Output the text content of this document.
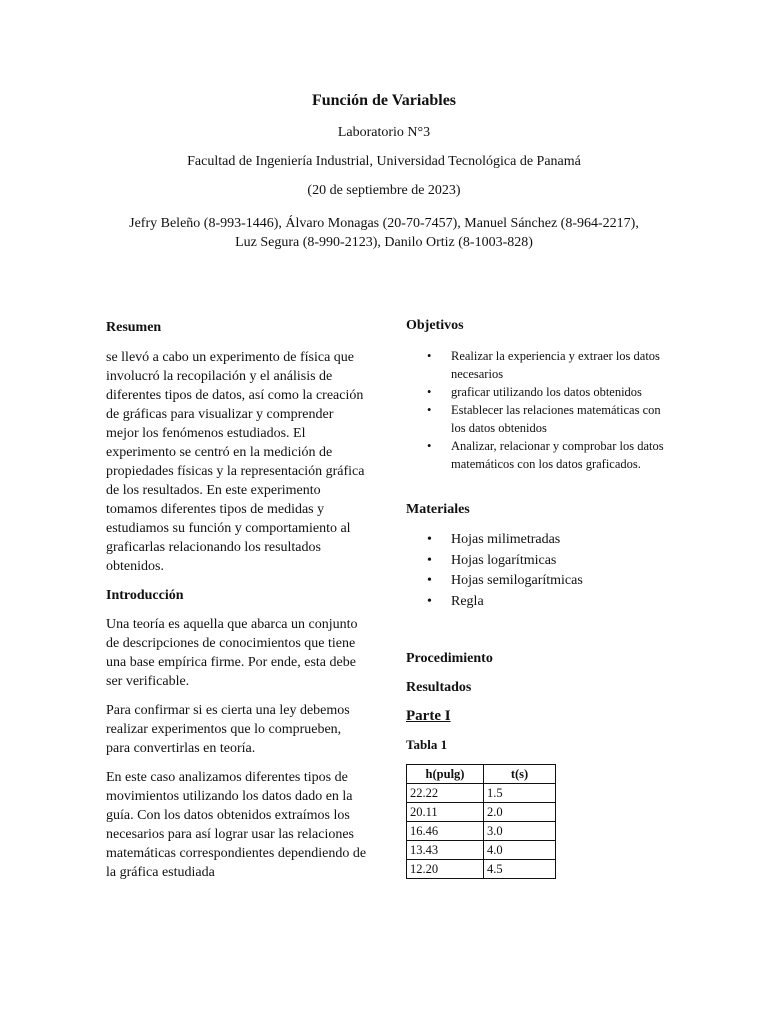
Función de Variables
Laboratorio N°3
Facultad de Ingeniería Industrial, Universidad Tecnológica de Panamá
(20 de septiembre de 2023)
Jefry Beleño (8-993-1446), Álvaro Monagas (20-70-7457), Manuel Sánchez (8-964-2217),
Luz Segura (8-990-2123), Danilo Ortiz (8-1003-828)
Resumen

se llevó a cabo un experimento de física que involucró la recopilación y el análisis de diferentes tipos de datos, así como la creación de gráficas para visualizar y comprender mejor los fenómenos estudiados. El experimento se centró en la medición de propiedades físicas y la representación gráfica de los resultados. En este experimento tomamos diferentes tipos de medidas y estudiamos su función y comportamiento al graficarlas relacionando los resultados obtenidos.

Introducción

Una teoría es aquella que abarca un conjunto de descripciones de conocimientos que tiene una base empírica firme. Por ende, esta debe ser verificable.

Para confirmar si es cierta una ley debemos realizar experimentos que lo comprueben, para convertirlas en teoría.

En este caso analizamos diferentes tipos de movimientos utilizando los datos dado en la guía. Con los datos obtenidos extraímos los necesarios para así lograr usar las relaciones matemáticas correspondientes dependiendo de la gráfica estudiada

Objetivos
• Realizar la experiencia y extraer los datos necesarios
• graficar utilizando los datos obtenidos
• Establecer las relaciones matemáticas con los datos obtenidos
• Analizar, relacionar y comprobar los datos matemáticos con los datos graficados.
Materiales
• Hojas milimetradas
• Hojas logarítmicas
• Hojas semilogarítmicas
• Regla
Procedimiento
Resultados
Parte I
Tabla 1
h(pulg)	t(s)
22.22	1.5
20.11	2.0
16.46	3.0
13.43	4.0
12.20	4.5
